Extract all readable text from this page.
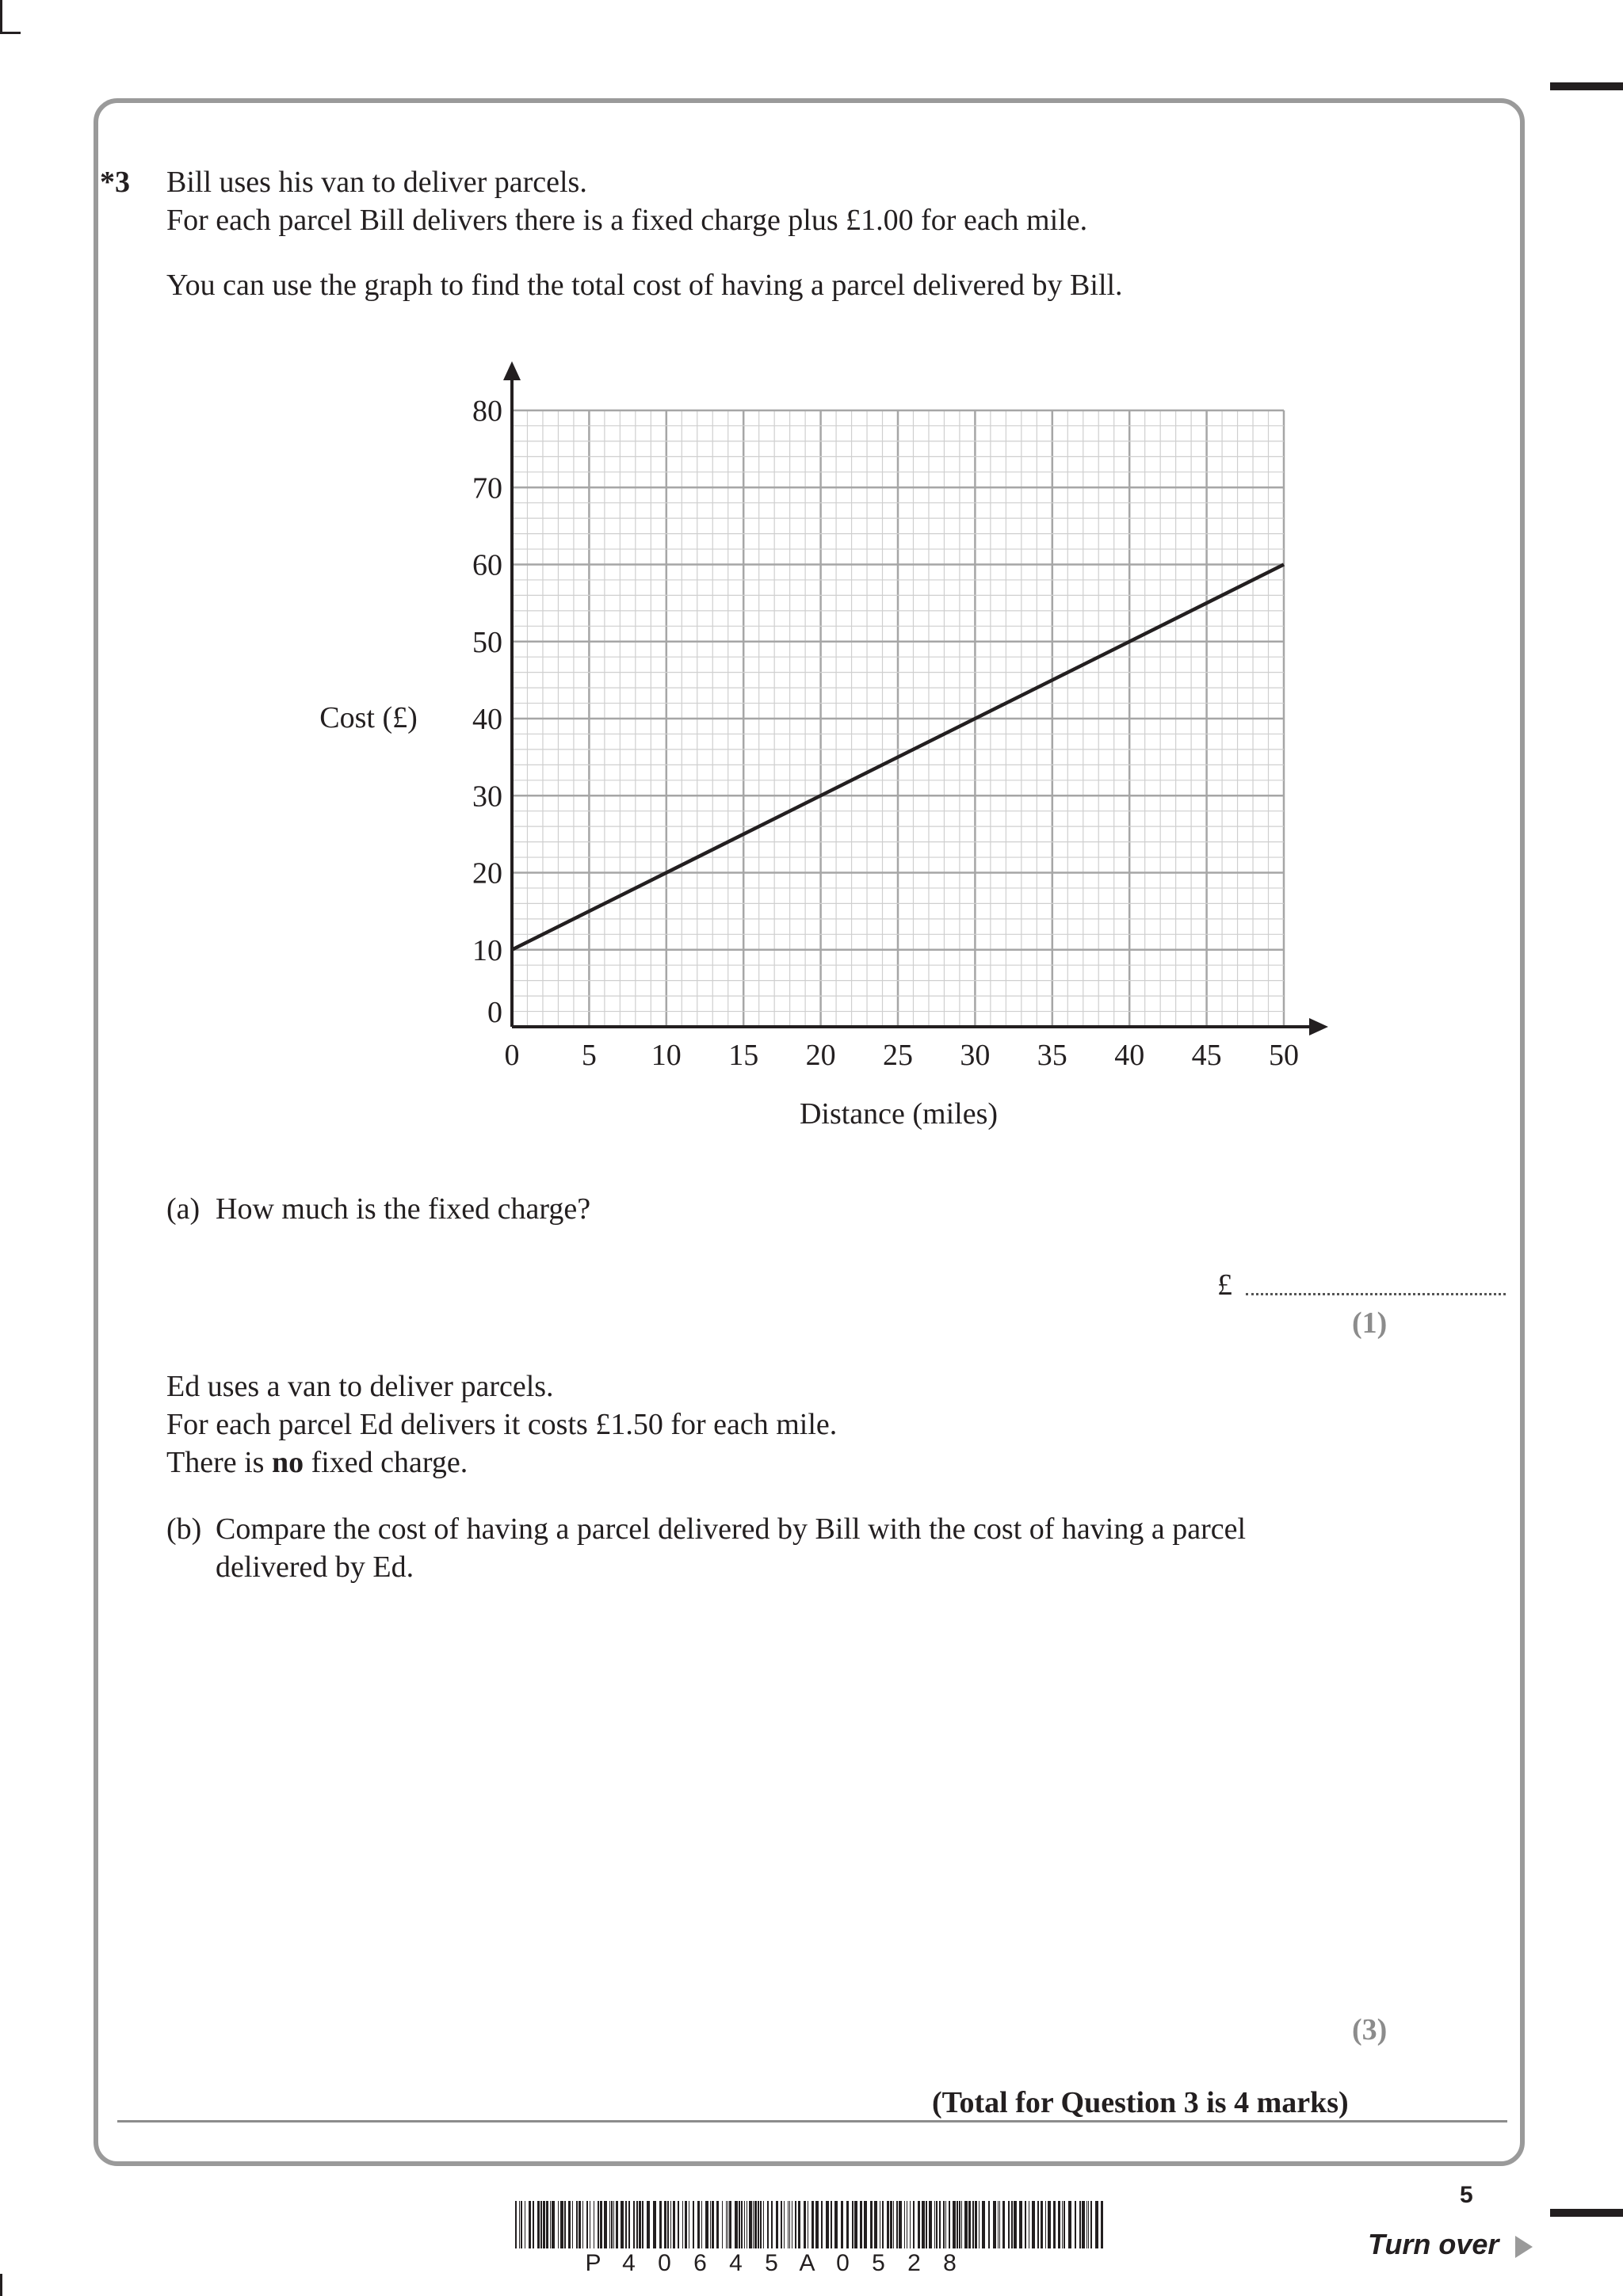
*3 Bill uses his van to deliver parcels.
For each parcel Bill delivers there is a fixed charge plus £1.00 for each mile.
You can use the graph to find the total cost of having a parcel delivered by Bill.
0 5 10 15 20 25 30 35 40 45 50
0
10
20
30
40
50
60
70
80
Cost (£)
Distance (miles)
(a) How much is the fixed charge?
£
(1)
Ed uses a van to deliver parcels.
For each parcel Ed delivers it costs £1.50 for each mile.
There is no fixed charge.
(b) Compare the cost of having a parcel delivered by Bill with the cost of having a parcel
delivered by Ed.
(3)
(Total for Question 3 is 4 marks)
5
P 4 0 6 4 5 A 0 5 2 8
Turn over
